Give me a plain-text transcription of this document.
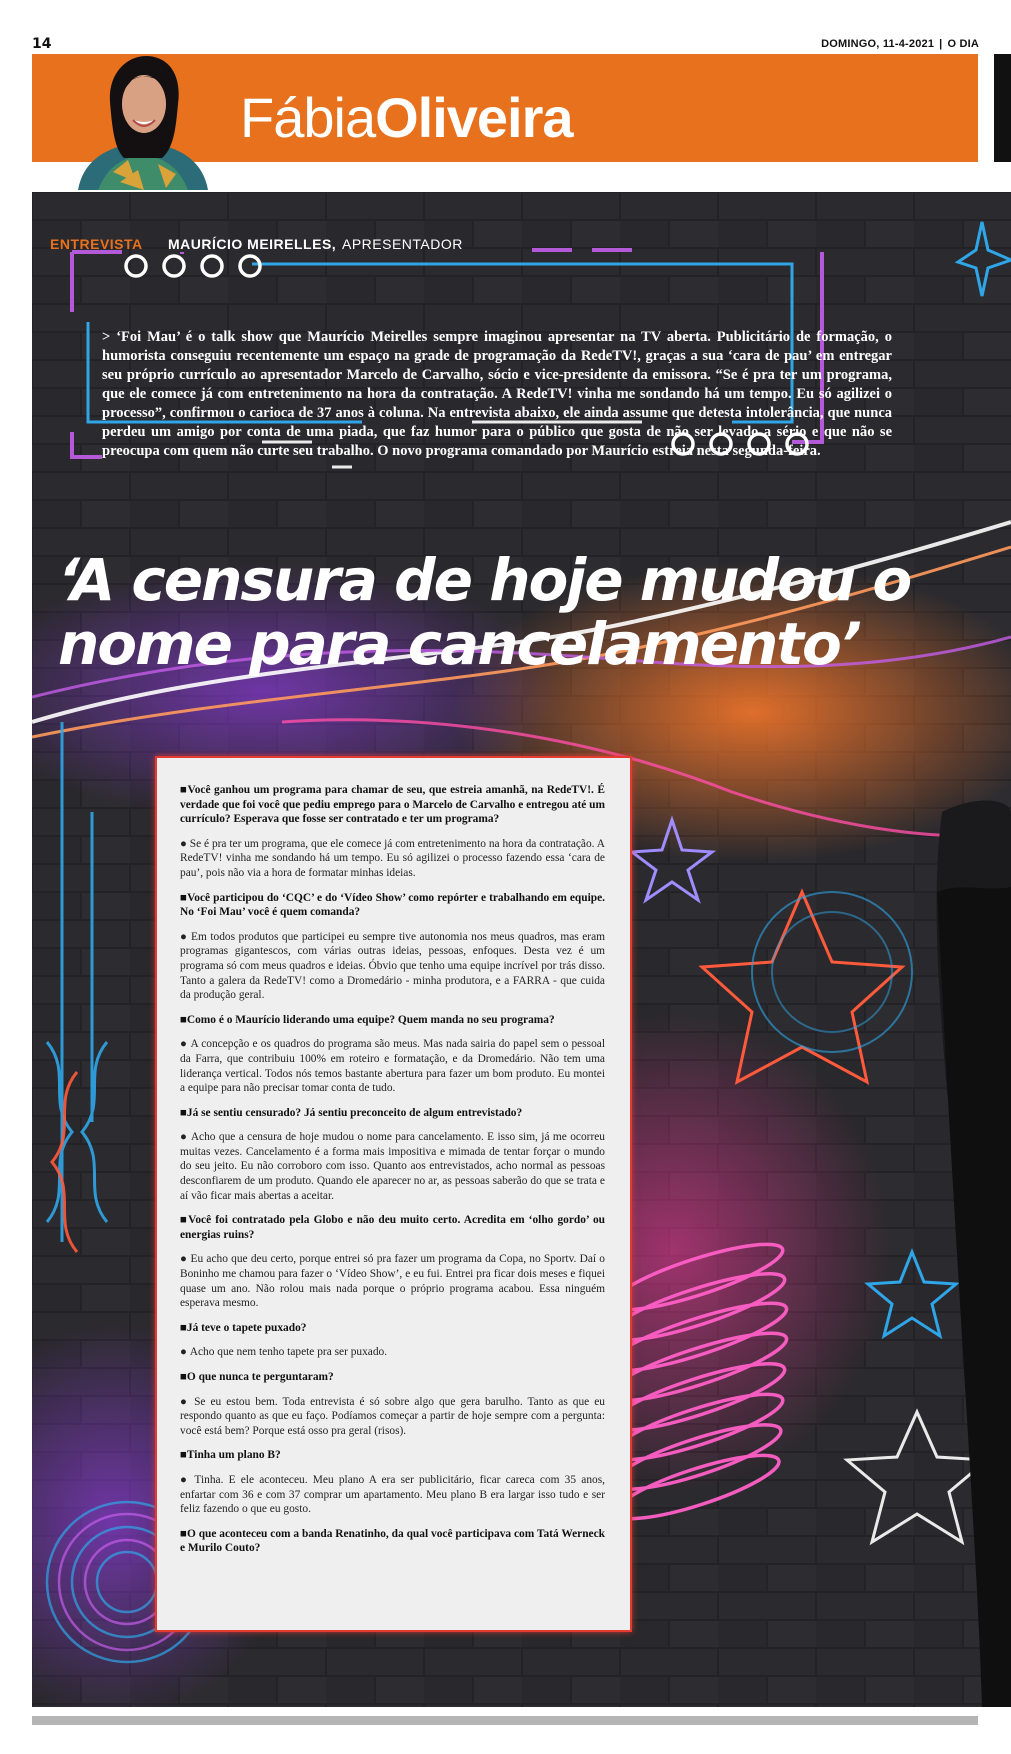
14	DOMINGO, 11-4-2021 | O DIA
FábiaOliveira
ENTREVISTA MAURÍCIO MEIRELLES, APRESENTADOR
> ‘Foi Mau’ é o talk show que Maurício Meirelles sempre imaginou apresentar na TV aberta. Publicitário de formação, o humorista conseguiu recentemente um espaço na grade de programação da RedeTV!, graças a sua ‘cara de pau’ em entregar seu próprio currículo ao apresentador Marcelo de Carvalho, sócio e vice-presidente da emissora. “Se é pra ter um programa, que ele comece já com entretenimento na hora da contratação. A RedeTV! vinha me sondando há um tempo. Eu só agilizei o processo”, confirmou o carioca de 37 anos à coluna. Na entrevista abaixo, ele ainda assume que detesta intolerância, que nunca perdeu um amigo por conta de uma piada, que faz humor para o público que gosta de não ser levado a sério e que não se preocupa com quem não curte seu trabalho. O novo programa comandado por Maurício estreia nesta segunda-feira.
‘A censura de hoje mudou o nome para cancelamento’

■Você ganhou um programa para chamar de seu, que estreia amanhã, na RedeTV!. É verdade que foi você que pediu emprego para o Marcelo de Carvalho e entregou até um currículo? Esperava que fosse ser contratado e ter um programa?

● Se é pra ter um programa, que ele comece já com entretenimento na hora da contratação. A RedeTV! vinha me sondando há um tempo. Eu só agilizei o processo fazendo essa ‘cara de pau’, pois não via a hora de formatar minhas ideias.

■Você participou do ‘CQC’ e do ‘Vídeo Show’ como repórter e trabalhando em equipe. No ‘Foi Mau’ você é quem comanda?

● Em todos produtos que participei eu sempre tive autonomia nos meus quadros, mas eram programas gigantescos, com várias outras ideias, pessoas, enfoques. Desta vez é um programa só com meus quadros e ideias. Óbvio que tenho uma equipe incrível por trás disso. Tanto a galera da RedeTV! como a Dromedário - minha produtora, e a FARRA - que cuida da produção geral.

■Como é o Maurício liderando uma equipe? Quem manda no seu programa?

● A concepção e os quadros do programa são meus. Mas nada sairia do papel sem o pessoal da Farra, que contribuiu 100% em roteiro e formatação, e da Dromedário. Não tem uma liderança vertical. Todos nós temos bastante abertura para fazer um bom produto. Eu montei a equipe para não precisar tomar conta de tudo.

■Já se sentiu censurado? Já sentiu preconceito de algum entrevistado?

● Acho que a censura de hoje mudou o nome para cancelamento. E isso sim, já me ocorreu muitas vezes. Cancelamento é a forma mais impositiva e mimada de tentar forçar o mundo do seu jeito. Eu não corroboro com isso. Quanto aos entrevistados, acho normal as pessoas desconfiarem de um produto. Quando ele aparecer no ar, as pessoas saberão do que se trata e aí vão ficar mais abertas a aceitar.

■Você foi contratado pela Globo e não deu muito certo. Acredita em ‘olho gordo’ ou energias ruins?

● Eu acho que deu certo, porque entrei só pra fazer um programa da Copa, no Sportv. Daí o Boninho me chamou para fazer o ‘Vídeo Show’, e eu fui. Entrei pra ficar dois meses e fiquei quase um ano. Não rolou mais nada porque o próprio programa acabou. Essa ninguém esperava mesmo.

■Já teve o tapete puxado?

● Acho que nem tenho tapete pra ser puxado.

■O que nunca te perguntaram?

● Se eu estou bem. Toda entrevista é só sobre algo que gera barulho. Tanto as que eu respondo quanto as que eu faço. Podíamos começar a partir de hoje sempre com a pergunta: você está bem? Porque está osso pra geral (risos).

■Tinha um plano B?

● Tinha. E ele aconteceu. Meu plano A era ser publicitário, ficar careca com 35 anos, enfartar com 36 e com 37 comprar um apartamento. Meu plano B era largar isso tudo e ser feliz fazendo o que eu gosto.

■O que aconteceu com a banda Renatinho, da qual você participava com Tatá Werneck e Murilo Couto?
